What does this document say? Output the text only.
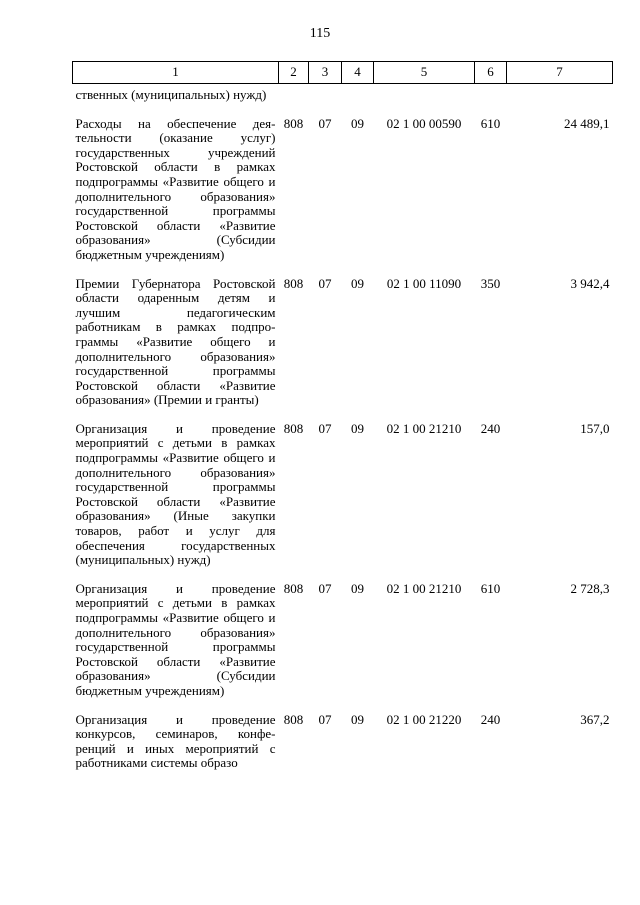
115
1	2	3	4	5	6	7
ственных (муниципальных) нужд)						

Расходы на обеспечение деятельности (оказание услуг) государственных учреждений Ростовской области в рамках подпрограммы «Развитие общего и дополнительного образования» государственной программы Ростовской области «Развитие образования» (Субсидии бюджетным учреждениям)	808	07	09	02 1 00 00590	610	24 489,1

Премии Губернатора Ростовской области одаренным детям и лучшим педагогическим работникам в рамках подпрограммы «Развитие общего и дополнительного образования» государственной программы Ростовской области «Развитие образования» (Премии и гранты)	808	07	09	02 1 00 11090	350	3 942,4

Организация и проведение мероприятий с детьми в рамках подпрограммы «Развитие общего и дополнительного образования» государственной программы Ростовской области «Развитие образования» (Иные закупки товаров, работ и услуг для обеспечения государственных (муниципальных) нужд)	808	07	09	02 1 00 21210	240	157,0

Организация и проведение мероприятий с детьми в рамках подпрограммы «Развитие общего и дополнительного образования» государственной программы Ростовской области «Развитие образования» (Субсидии бюджетным учреждениям)	808	07	09	02 1 00 21210	610	2 728,3

Организация и проведение конкурсов, семинаров, конференций и иных мероприятий с работниками системы образо	808	07	09	02 1 00 21220	240	367,2
